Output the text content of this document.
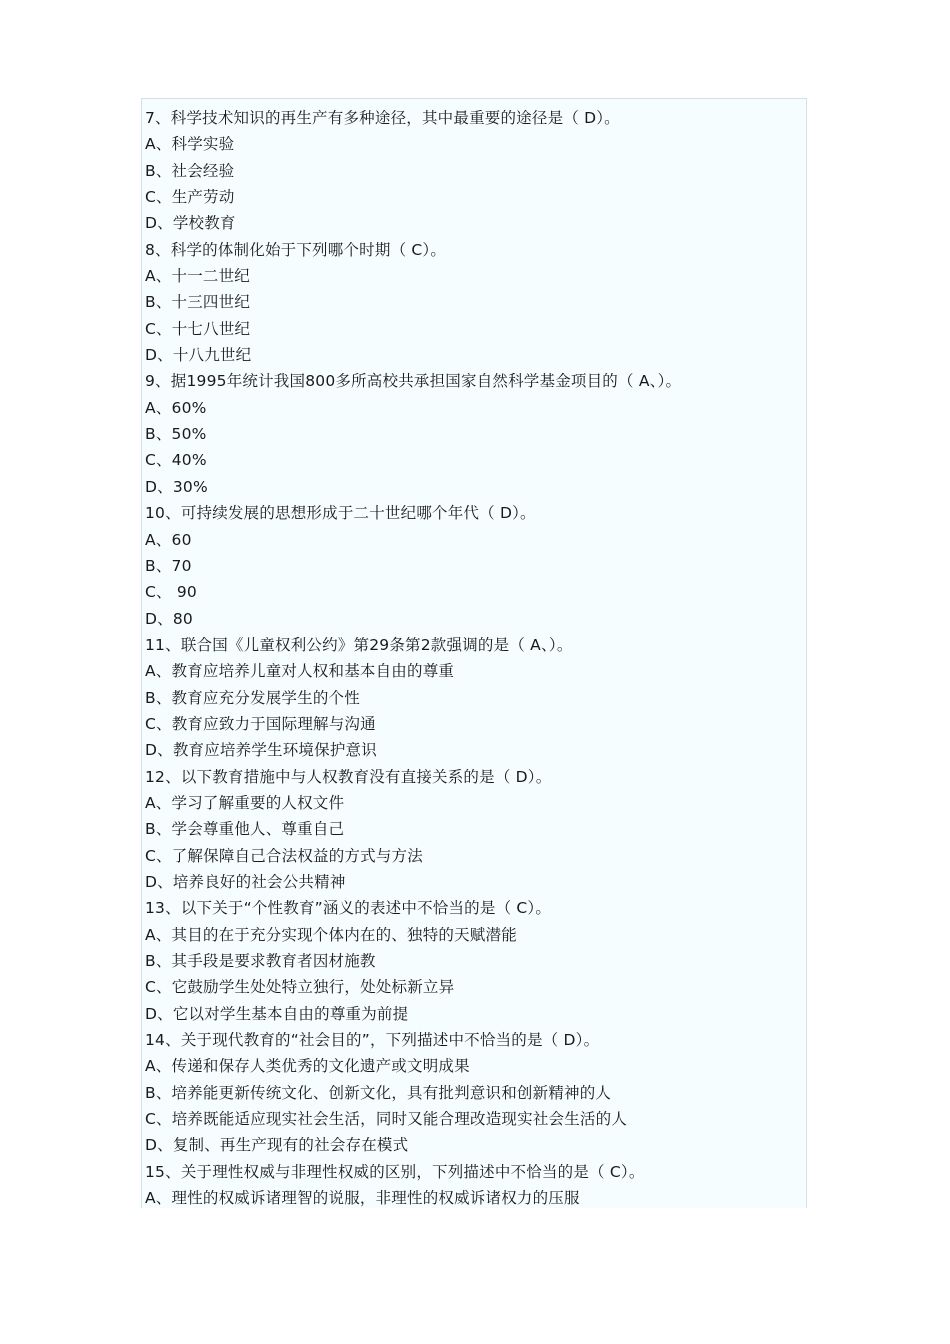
7、科学技术知识的再生产有多种途径，其中最重要的途径是（ D）。
A、科学实验
B、社会经验
C、生产劳动
D、学校教育
8、科学的体制化始于下列哪个时期（ C）。
A、十一二世纪
B、十三四世纪
C、十七八世纪
D、十八九世纪
9、据1995年统计我国800多所高校共承担国家自然科学基金项目的（ A、）。
A、60%
B、50%
C、40%
D、30%
10、可持续发展的思想形成于二十世纪哪个年代（ D）。
A、60
B、70
C、 90
D、80
11、联合国《儿童权利公约》第29条第2款强调的是（ A、）。
A、教育应培养儿童对人权和基本自由的尊重
B、教育应充分发展学生的个性
C、教育应致力于国际理解与沟通
D、教育应培养学生环境保护意识
12、以下教育措施中与人权教育没有直接关系的是（ D）。
A、学习了解重要的人权文件
B、学会尊重他人、尊重自己
C、了解保障自己合法权益的方式与方法
D、培养良好的社会公共精神
13、以下关于“个性教育”涵义的表述中不恰当的是（ C）。
A、其目的在于充分实现个体内在的、独特的天赋潜能
B、其手段是要求教育者因材施教
C、它鼓励学生处处特立独行，处处标新立异
D、它以对学生基本自由的尊重为前提
14、关于现代教育的“社会目的”，下列描述中不恰当的是（ D）。
A、传递和保存人类优秀的文化遗产或文明成果
B、培养能更新传统文化、创新文化，具有批判意识和创新精神的人
C、培养既能适应现实社会生活，同时又能合理改造现实社会生活的人
D、复制、再生产现有的社会存在模式
15、关于理性权威与非理性权威的区别，下列描述中不恰当的是（ C）。
A、理性的权威诉诸理智的说服，非理性的权威诉诸权力的压服
